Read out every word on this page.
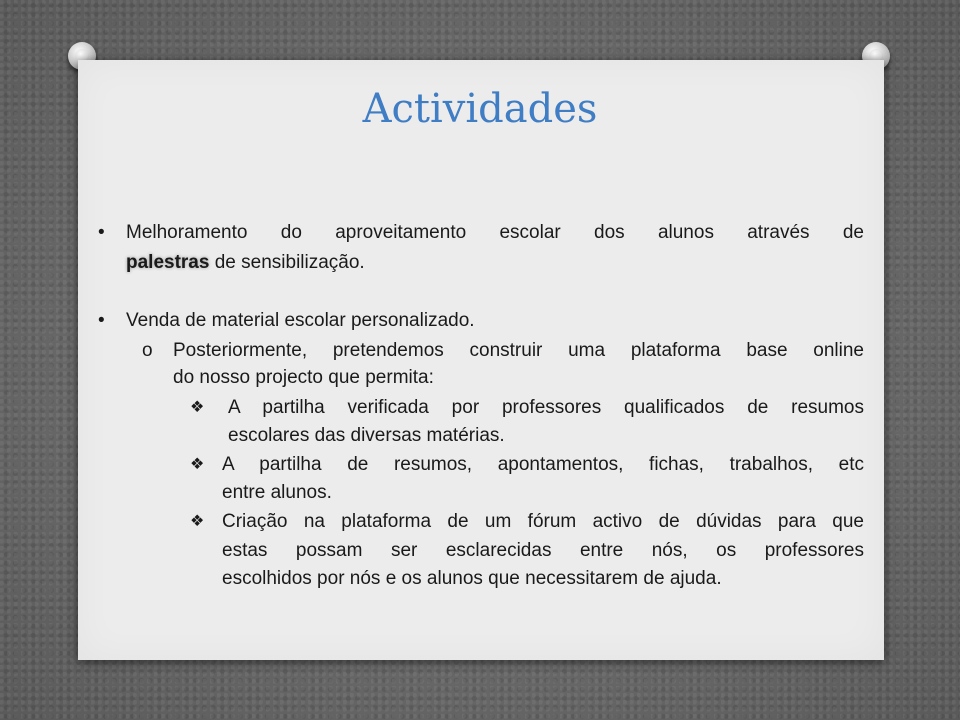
Actividades
• Melhoramento do aproveitamento escolar dos alunos através de
palestras de sensibilização.
• Venda de material escolar personalizado.
o Posteriormente, pretendemos construir uma plataforma base online
do nosso projecto que permita:
❖ A partilha verificada por professores qualificados de resumos
escolares das diversas matérias.
❖ A partilha de resumos, apontamentos, fichas, trabalhos, etc
entre alunos.
❖ Criação na plataforma de um fórum activo de dúvidas para que
estas possam ser esclarecidas entre nós, os professores
escolhidos por nós e os alunos que necessitarem de ajuda.
